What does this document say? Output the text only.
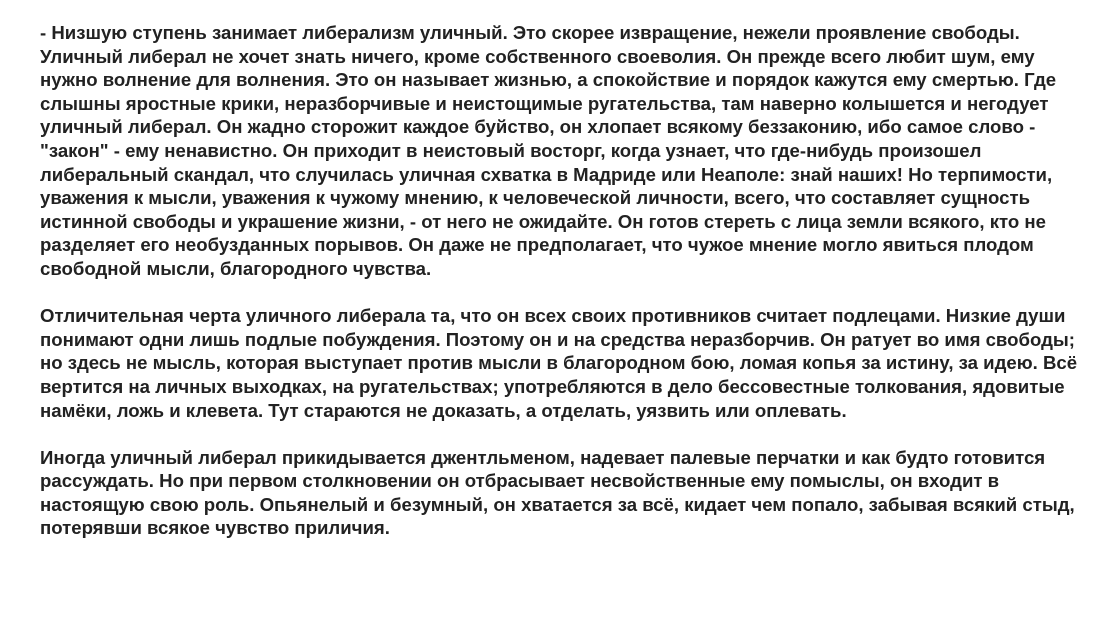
- Низшую ступень занимает либерализм уличный. Это скорее извращение, нежели проявление свободы. Уличный либерал не хочет знать ничего, кроме собственного своеволия. Он прежде всего любит шум, ему нужно волнение для волнения. Это он называет жизнью, а спокойствие и порядок кажутся ему смертью. Где слышны яростные крики, неразборчивые и неистощимые ругательства, там наверно колышется и негодует уличный либерал. Он жадно сторожит каждое буйство, он хлопает всякому беззаконию, ибо самое слово - "закон" - ему ненавистно. Он приходит в неистовый восторг, когда узнает, что где-нибудь произошел либеральный скандал, что случилась уличная схватка в Мадриде или Неаполе: знай наших! Но терпимости, уважения к мысли, уважения к чужому мнению, к человеческой личности, всего, что составляет сущность истинной свободы и украшение жизни, - от него не ожидайте. Он готов стереть с лица земли всякого, кто не разделяет его необузданных порывов. Он даже не предполагает, что чужое мнение могло явиться плодом свободной мысли, благородного чувства.

Отличительная черта уличного либерала та, что он всех своих противников считает подлецами. Низкие души понимают одни лишь подлые побуждения. Поэтому он и на средства неразборчив. Он ратует во имя свободы; но здесь не мысль, которая выступает против мысли в благородном бою, ломая копья за истину, за идею. Всё вертится на личных выходках, на ругательствах; употребляются в дело бессовестные толкования, ядовитые намёки, ложь и клевета. Тут стараются не доказать, а отделать, уязвить или оплевать.

Иногда уличный либерал прикидывается джентльменом, надевает палевые перчатки и как будто готовится рассуждать. Но при первом столкновении он отбрасывает несвойственные ему помыслы, он входит в настоящую свою роль. Опьянелый и безумный, он хватается за всё, кидает чем попало, забывая всякий стыд, потерявши всякое чувство приличия.
